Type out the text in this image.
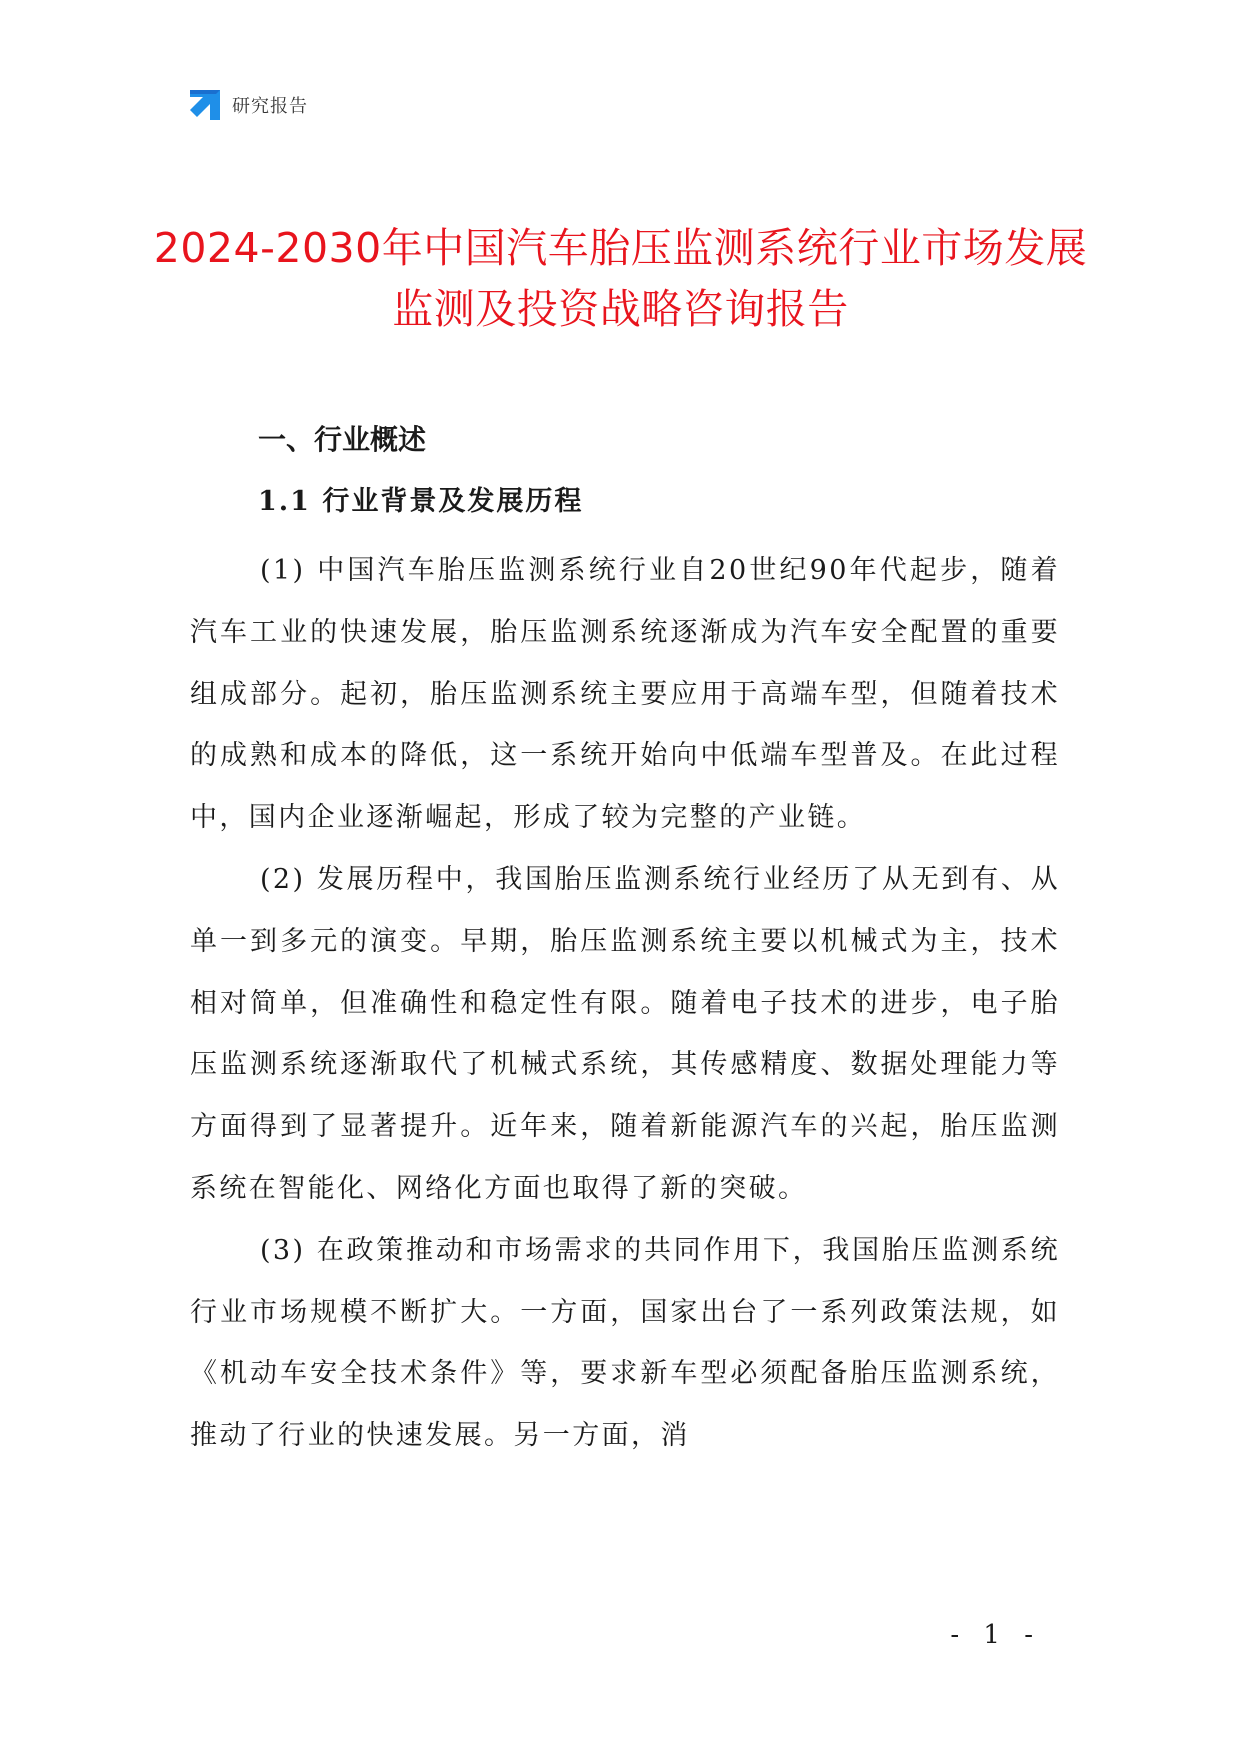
研究报告
2024-2030年中国汽车胎压监测系统行业市场发展监测及投资战略咨询报告
一、行业概述
1.1 行业背景及发展历程

(1) 中国汽车胎压监测系统行业自20世纪90年代起步，随着汽车工业的快速发展，胎压监测系统逐渐成为汽车安全配置的重要组成部分。起初，胎压监测系统主要应用于高端车型，但随着技术的成熟和成本的降低，这一系统开始向中低端车型普及。在此过程中，国内企业逐渐崛起，形成了较为完整的产业链。

(2) 发展历程中，我国胎压监测系统行业经历了从无到有、从单一到多元的演变。早期，胎压监测系统主要以机械式为主，技术相对简单，但准确性和稳定性有限。随着电子技术的进步，电子胎压监测系统逐渐取代了机械式系统，其传感精度、数据处理能力等方面得到了显著提升。近年来，随着新能源汽车的兴起，胎压监测系统在智能化、网络化方面也取得了新的突破。

(3) 在政策推动和市场需求的共同作用下，我国胎压监测系统行业市场规模不断扩大。一方面，国家出台了一系列政策法规，如《机动车安全技术条件》等，要求新车型必须配备胎压监测系统，推动了行业的快速发展。另一方面，消

- 1 -
